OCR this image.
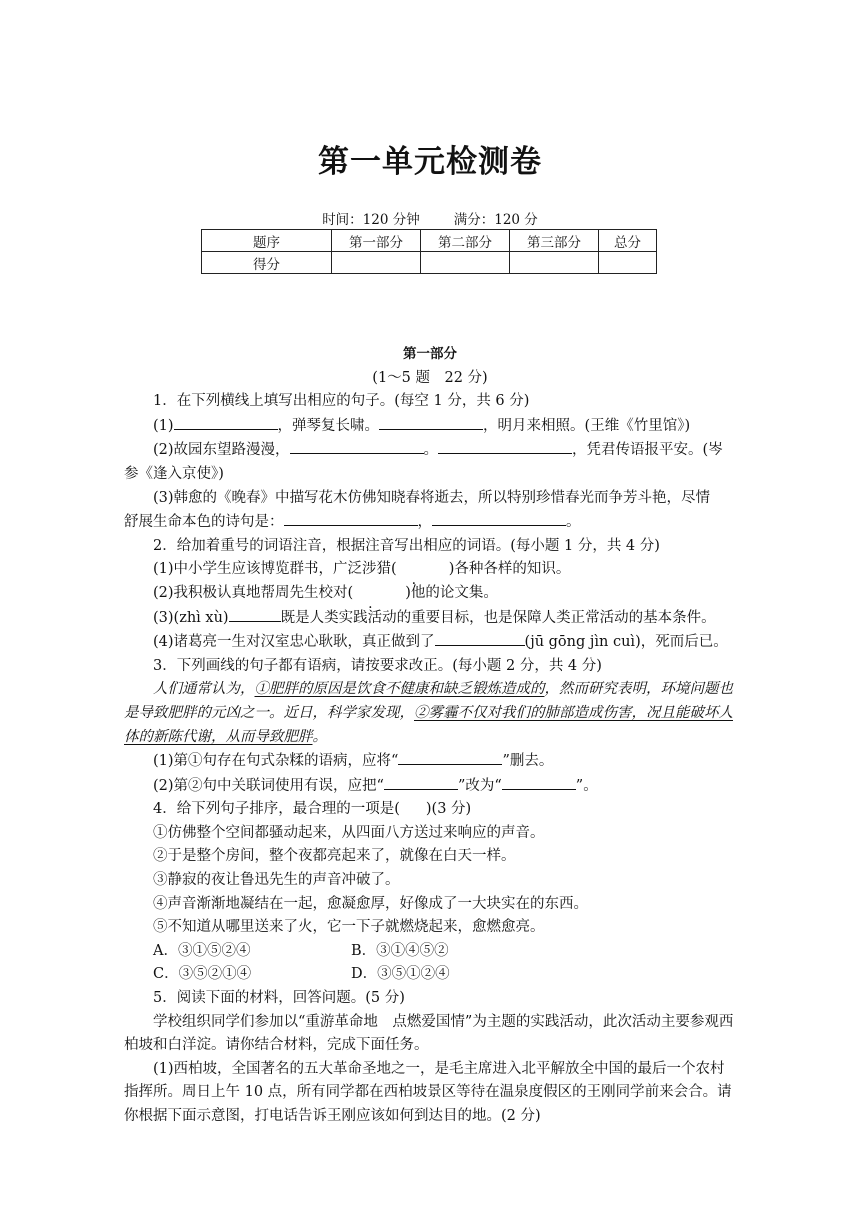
第一单元检测卷
时间：120 分钟	满分：120 分
题序	第一部分	第二部分	第三部分	总分
得分				
第一部分
(1～5 题　22 分)

1．在下列横线上填写出相应的句子。(每空 1 分，共 6 分)

(1)	，弹琴复长啸。	，明月来相照。(王维《竹里馆》)

(2)故园东望路漫漫，	。	，凭君传语报平安。(岑

参《逢入京使》)

(3)韩愈的《晚春》中描写花木仿佛知晓春将逝去，所以特别珍惜春光而争芳斗艳，尽情

舒展生命本色的诗句是：	，	。

2．给加着重号的词语注音，根据注音写出相应的词语。(每小题 1 分，共 4 分)

(1)中小学生应该博览群书，广泛涉猎 ·(	)各种各样的知识。

(2)我积极认真地帮周先生校对 ·(	)他的论文集。

(3)(zhì xù)	既是人类实践活动的重要目标，也是保障人类正常活动的基本条件。

(4)诸葛亮一生对汉室忠心耿耿，真正做到了	(jū gōng jìn cuì)，死而后已。

3．下列画线的句子都有语病，请按要求改正。(每小题 2 分，共 4 分)

人们通常认为，①肥胖的原因是饮食不健康和缺乏锻炼造成的，然而研究表明，环境问题也是导致肥胖的元凶之一。近日，科学家发现，②雾霾不仅对我们的肺部造成伤害，况且能破坏人体的新陈代谢，从而导致肥胖。

(1)第①句存在句式杂糅的语病，应将“	”删去。

(2)第②句中关联词使用有误，应把“	”改为“	”。

4．给下列句子排序，最合理的一项是( )(3 分)

①仿佛整个空间都骚动起来，从四面八方送过来响应的声音。

②于是整个房间，整个夜都亮起来了，就像在白天一样。

③静寂的夜让鲁迅先生的声音冲破了。

④声音渐渐地凝结在一起，愈凝愈厚，好像成了一大块实在的东西。

⑤不知道从哪里送来了火，它一下子就燃烧起来，愈燃愈亮。

A．③①⑤②④	B．③①④⑤②
C．③⑤②①④	D．③⑤①②④

5．阅读下面的材料，回答问题。(5 分)

学校组织同学们参加以“重游革命地　点燃爱国情”为主题的实践活动，此次活动主要参观西柏坡和白洋淀。请你结合材料，完成下面任务。

(1)西柏坡，全国著名的五大革命圣地之一，是毛主席进入北平解放全中国的最后一个农村指挥所。周日上午 10 点，所有同学都在西柏坡景区等待在温泉度假区的王刚同学前来会合。请你根据下面示意图，打电话告诉王刚应该如何到达目的地。(2 分)
